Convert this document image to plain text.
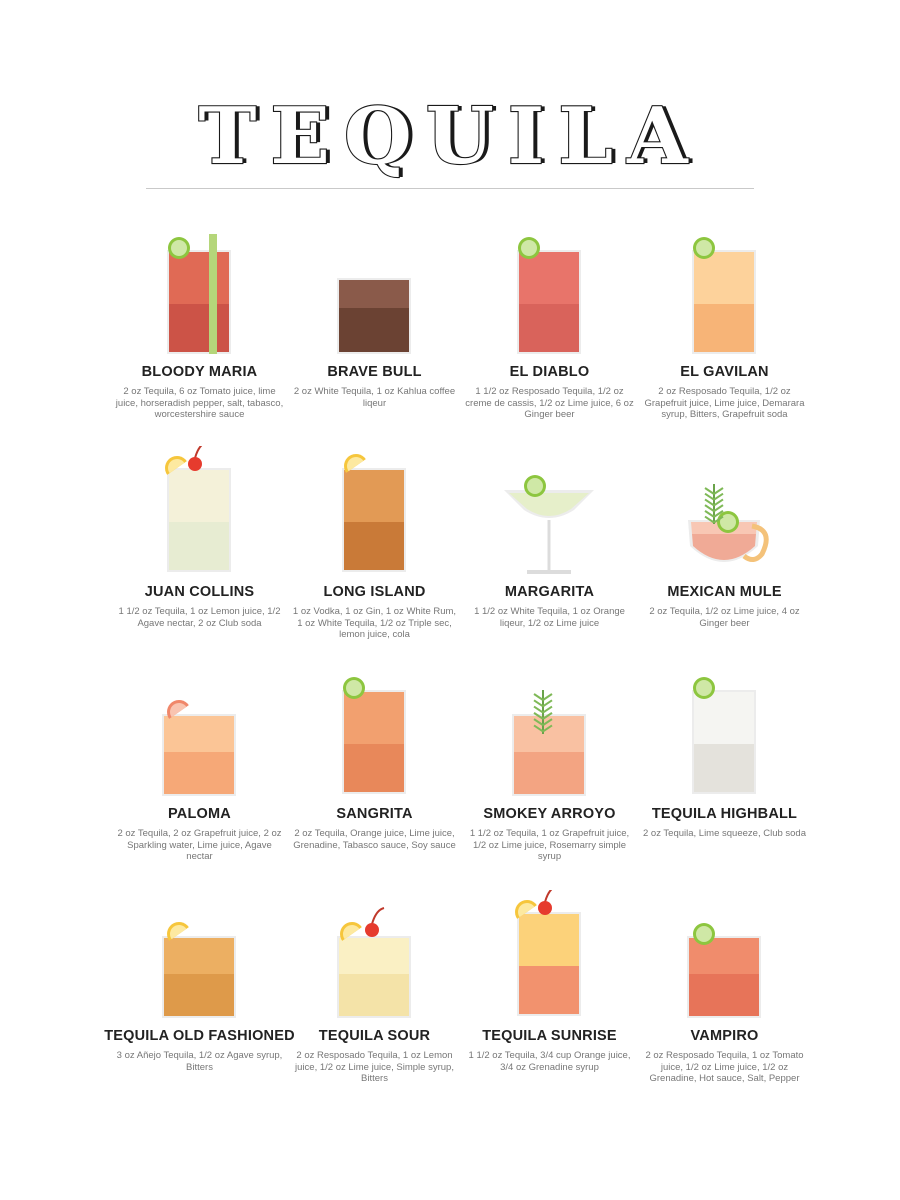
TEQUILA
BLOODY MARIA
2 oz Tequila, 6 oz Tomato juice, lime juice, horseradish pepper, salt, tabasco, worcestershire sauce
BRAVE BULL
2 oz White Tequila, 1 oz Kahlua coffee liqeur
EL DIABLO
1 1/2 oz Resposado Tequila, 1/2 oz creme de cassis, 1/2 oz Lime juice, 6 oz Ginger beer
EL GAVILAN
2 oz Resposado Tequila, 1/2 oz Grapefruit juice, Lime juice, Demarara syrup, Bitters, Grapefruit soda
JUAN COLLINS
1 1/2 oz Tequila, 1 oz Lemon juice, 1/2 Agave nectar, 2 oz Club soda
LONG ISLAND
1 oz Vodka, 1 oz Gin, 1 oz White Rum, 1 oz White Tequila, 1/2 oz Triple sec, lemon juice, cola
MARGARITA
1 1/2 oz White Tequila, 1 oz Orange liqeur, 1/2 oz Lime juice
MEXICAN MULE
2 oz Tequila, 1/2 oz Lime juice, 4 oz Ginger beer
PALOMA
2 oz Tequila, 2 oz Grapefruit juice, 2 oz Sparkling water, Lime juice, Agave nectar
SANGRITA
2 oz Tequila, Orange juice, Lime juice, Grenadine, Tabasco sauce, Soy sauce
SMOKEY ARROYO
1 1/2 oz Tequila, 1 oz Grapefruit juice, 1/2 oz Lime juice, Rosemarry simple syrup
TEQUILA HIGHBALL
2 oz Tequila, Lime squeeze, Club soda
TEQUILA OLD FASHIONED
3 oz Añejo Tequila, 1/2 oz Agave syrup, Bitters
TEQUILA SOUR
2 oz Resposado Tequila, 1 oz Lemon juice, 1/2 oz Lime juice, Simple syrup, Bitters
TEQUILA SUNRISE
1 1/2 oz Tequila, 3/4 cup Orange juice, 3/4 oz Grenadine syrup
VAMPIRO
2 oz Resposado Tequila, 1 oz Tomato juice, 1/2 oz Lime juice, 1/2 oz Grenadine, Hot sauce, Salt, Pepper
